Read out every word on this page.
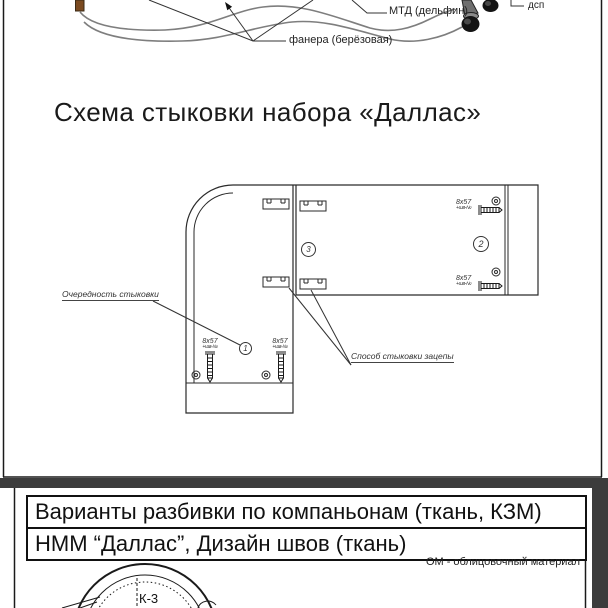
Схема стыковки набора «Даллас»
МТД (дельфин)
фанера (берёзовая)
дсп
Очередность стыковки
Способ стыковки зацепы
1
2
3
8x57
+шв-№
8x57
+шв-№
8x57
+шв-№
8x57
+шв-№
Варианты разбивки по компаньонам (ткань, КЗМ)
НММ “Даллас”, Дизайн швов (ткань)
ОМ - облицовочный материал
К-3
